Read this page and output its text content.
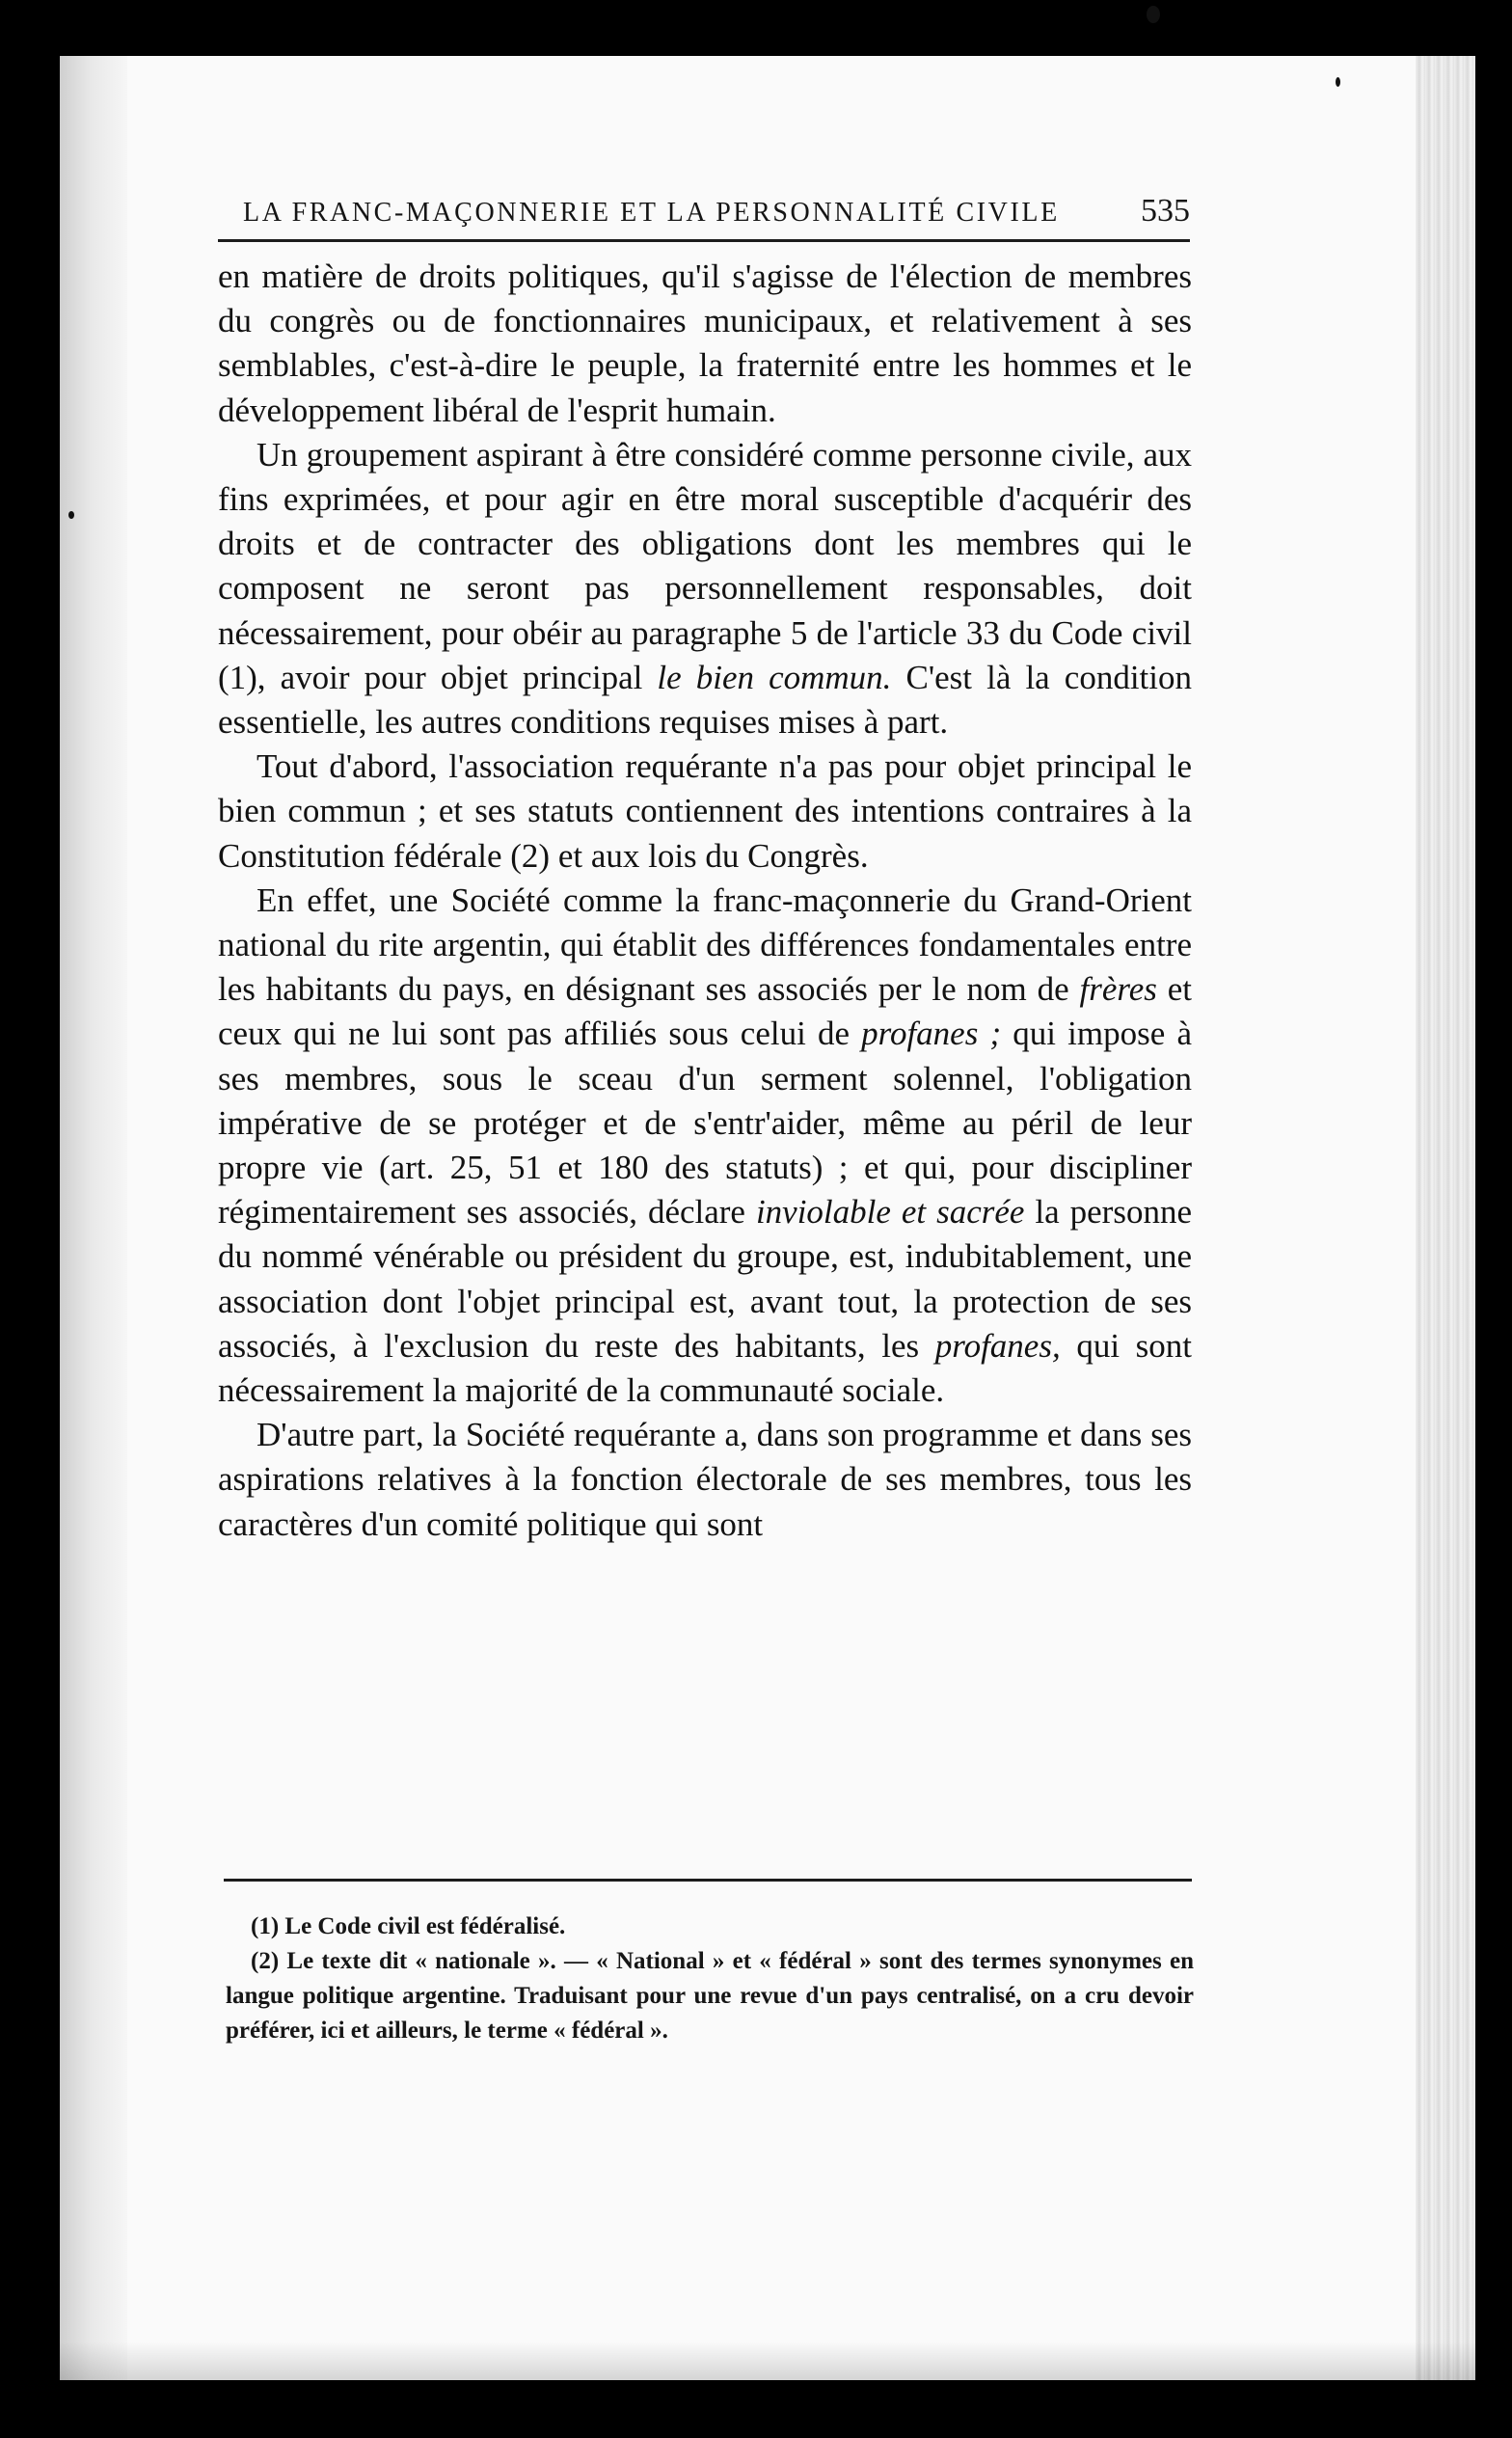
LA FRANC-MAÇONNERIE ET LA PERSONNALITÉ CIVILE 535

en matière de droits politiques, qu'il s'agisse de l'élection de membres du congrès ou de fonctionnaires municipaux, et relativement à ses semblables, c'est-à-dire le peuple, la fraternité entre les hommes et le développement libéral de l'esprit humain.

Un groupement aspirant à être considéré comme personne civile, aux fins exprimées, et pour agir en être moral susceptible d'acquérir des droits et de contracter des obligations dont les membres qui le composent ne seront pas personnellement responsables, doit nécessairement, pour obéir au paragraphe 5 de l'article 33 du Code civil (1), avoir pour objet principal le bien commun. C'est là la condition essentielle, les autres conditions requises mises à part.

Tout d'abord, l'association requérante n'a pas pour objet principal le bien commun ; et ses statuts contiennent des intentions contraires à la Constitution fédérale (2) et aux lois du Congrès.

En effet, une Société comme la franc-maçonnerie du Grand-Orient national du rite argentin, qui établit des différences fondamentales entre les habitants du pays, en désignant ses associés per le nom de frères et ceux qui ne lui sont pas affiliés sous celui de profanes ; qui impose à ses membres, sous le sceau d'un serment solennel, l'obligation impérative de se protéger et de s'entr'aider, même au péril de leur propre vie (art. 25, 51 et 180 des statuts) ; et qui, pour discipliner régimentairement ses associés, déclare inviolable et sacrée la personne du nommé vénérable ou président du groupe, est, indubitablement, une association dont l'objet principal est, avant tout, la protection de ses associés, à l'exclusion du reste des habitants, les profanes, qui sont nécessairement la majorité de la communauté sociale.

D'autre part, la Société requérante a, dans son programme et dans ses aspirations relatives à la fonction électorale de ses membres, tous les caractères d'un comité politique qui sont

(1) Le Code civil est fédéralisé.

(2) Le texte dit « nationale ». — « National » et « fédéral » sont des termes synonymes en langue politique argentine. Traduisant pour une revue d'un pays centralisé, on a cru devoir préférer, ici et ailleurs, le terme « fédéral ».
